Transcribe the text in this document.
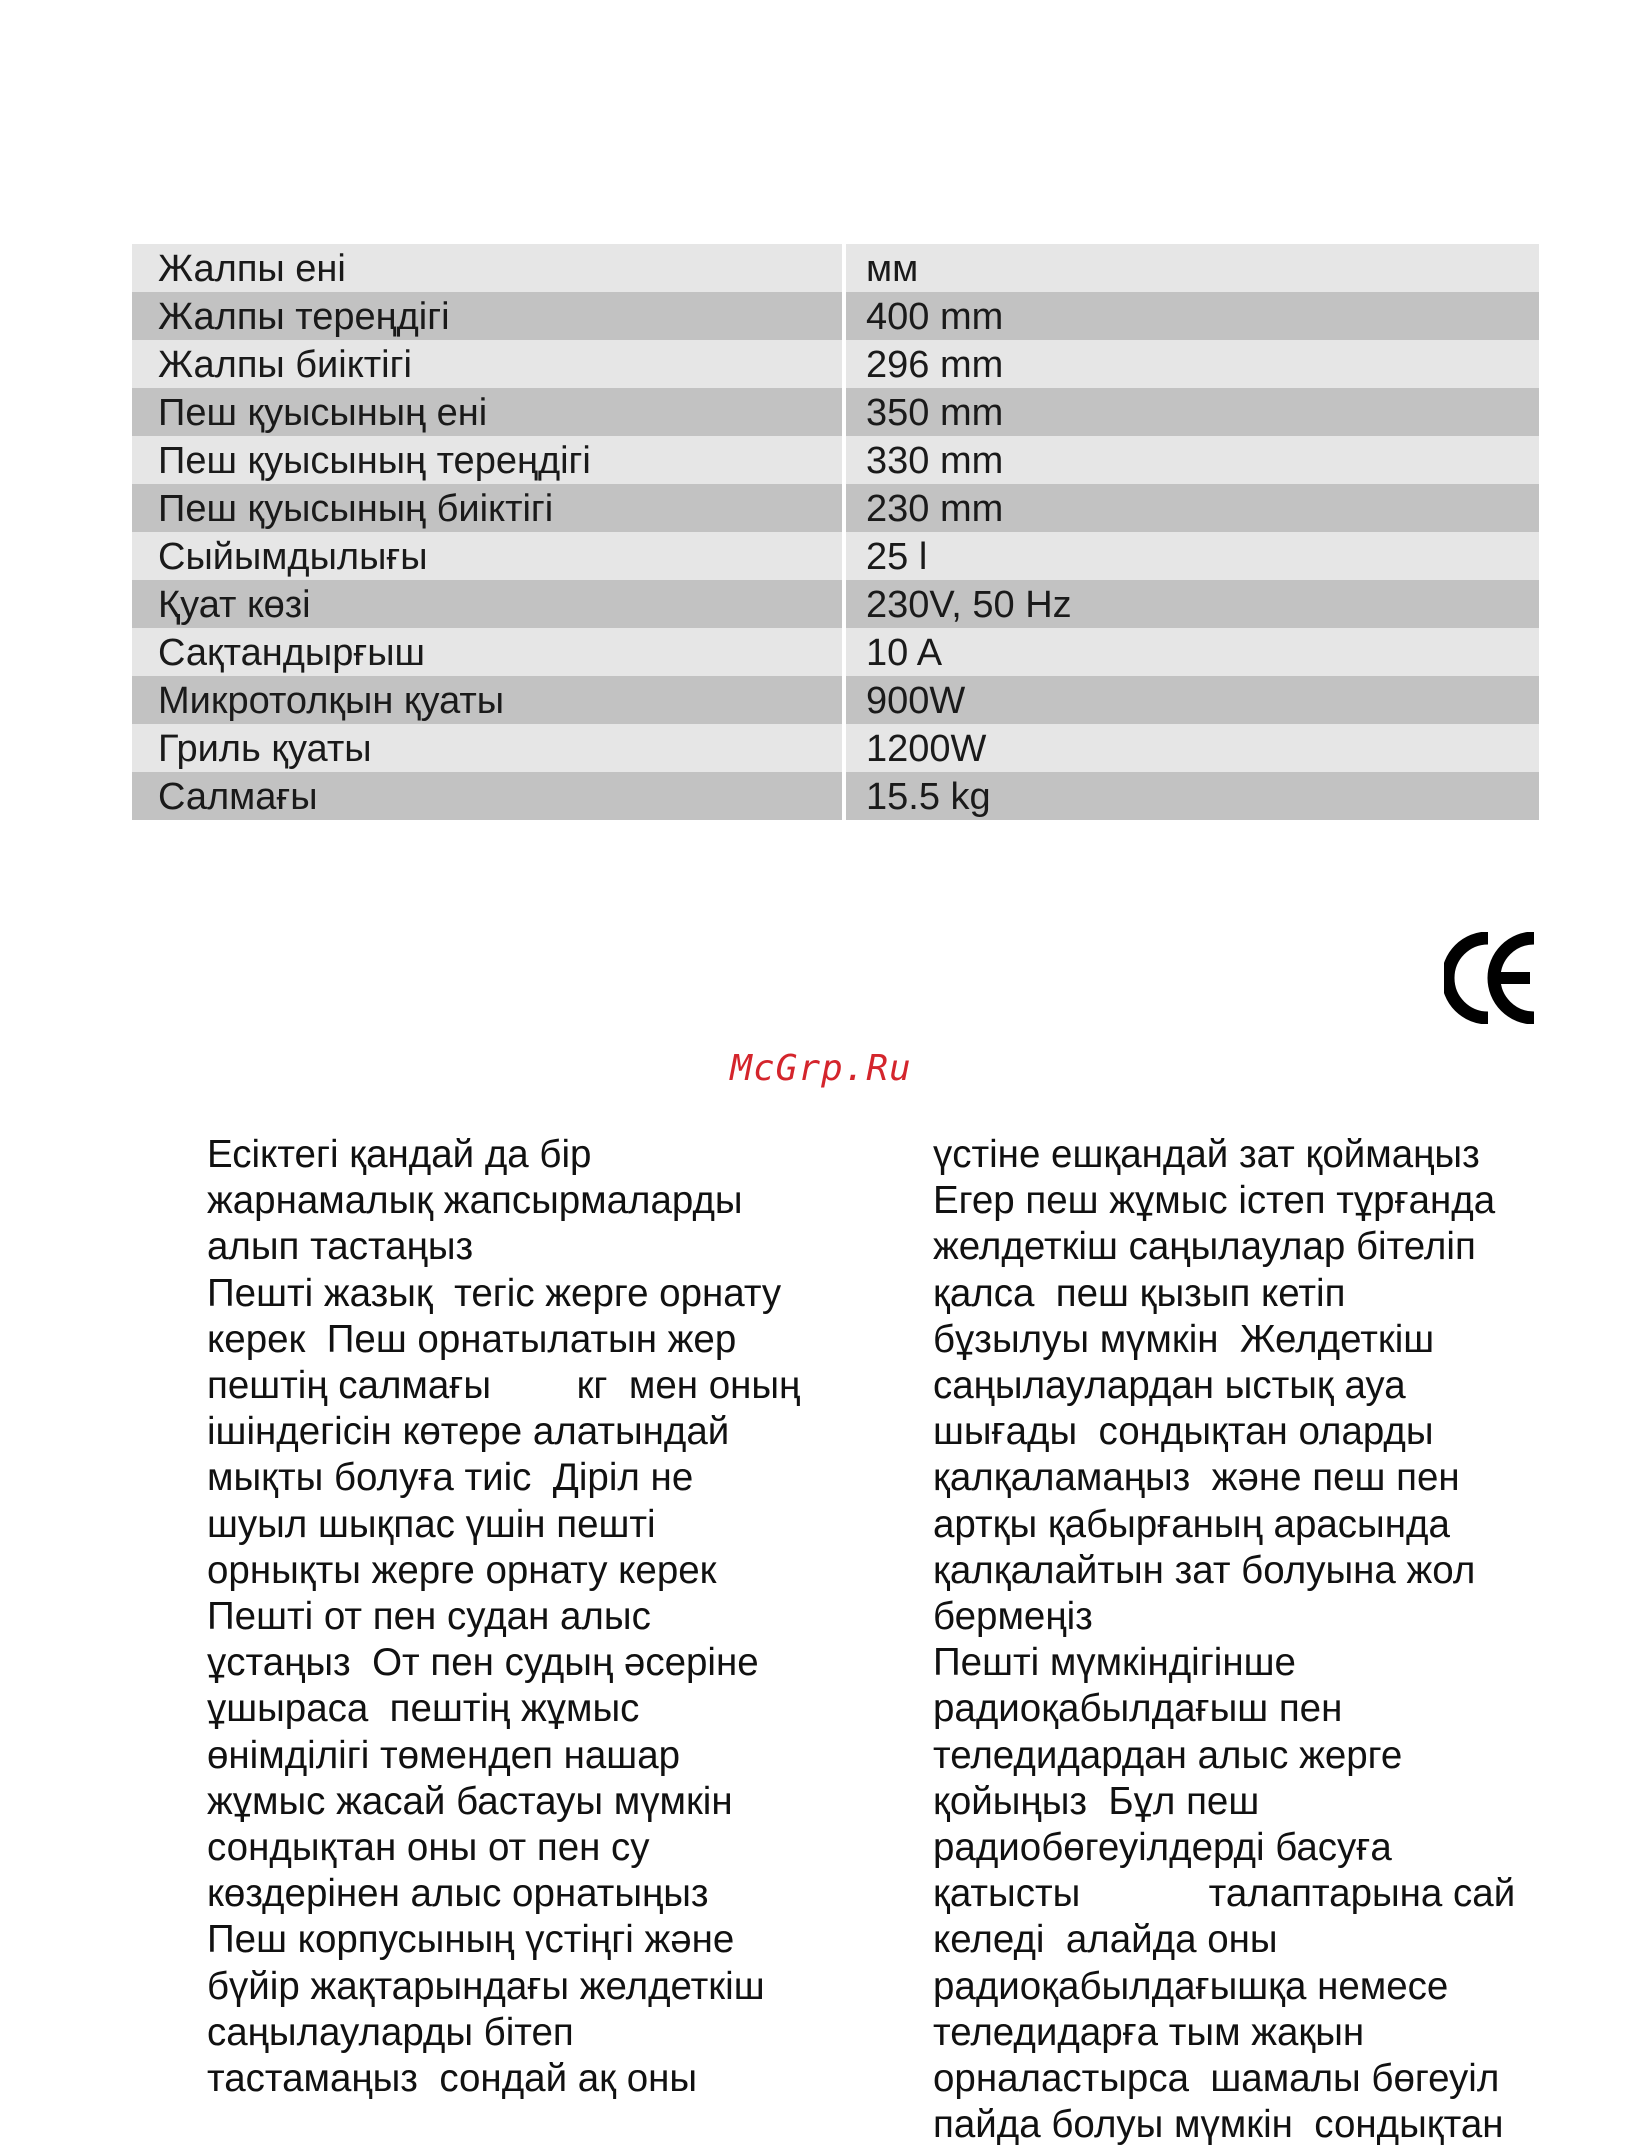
Жалпы ені	мм
Жалпы тереңдігі	400 mm
Жалпы биіктігі	296 mm
Пеш қуысының ені	350 mm
Пеш қуысының тереңдігі	330 mm
Пеш қуысының биіктігі	230 mm
Сыйымдылығы	25 l
Қуат көзі	230V, 50 Hz
Сақтандырғыш	10 A
Микротолқын қуаты	900W
Гриль қуаты	1200W
Салмағы	15.5 kg
McGrp.Ru

Есіктегі қандай да бір

жарнамалық жапсырмаларды

алып тастаңыз

Пешті жазық  тегіс жерге орнату

керек  Пеш орнатылатын жер

пештің салмағы        кг  мен оның

ішіндегісін көтере алатындай

мықты болуға тиіс  Діріл не

шуыл шықпас үшін пешті

орнықты жерге орнату керек

Пешті от пен судан алыс

ұстаңыз  От пен судың әсеріне

ұшыраса  пештің жұмыс

өнімділігі төмендеп нашар

жұмыс жасай бастауы мүмкін

сондықтан оны от пен су

көздерінен алыс орнатыңыз

Пеш корпусының үстіңгі және

бүйір жақтарындағы желдеткіш

саңылауларды бітеп

тастамаңыз  сондай ақ оны

үстіне ешқандай зат қоймаңыз

Егер пеш жұмыс істеп тұрғанда

желдеткіш саңылаулар бітеліп

қалса  пеш қызып кетіп

бұзылуы мүмкін  Желдеткіш

саңылаулардан ыстық ауа

шығады  сондықтан оларды

қалқаламаңыз  және пеш пен

артқы қабырғаның арасында

қалқалайтын зат болуына жол

бермеңіз

Пешті мүмкіндігінше

радиоқабылдағыш пен

теледидардан алыс жерге

қойыңыз  Бұл пеш

радиобөгеуілдерді басуға

қатысты            талаптарына сай

келеді  алайда оны

радиоқабылдағышқа немесе

теледидарға тым жақын

орналастырса  шамалы бөгеуіл

пайда болуы мүмкін  сондықтан
